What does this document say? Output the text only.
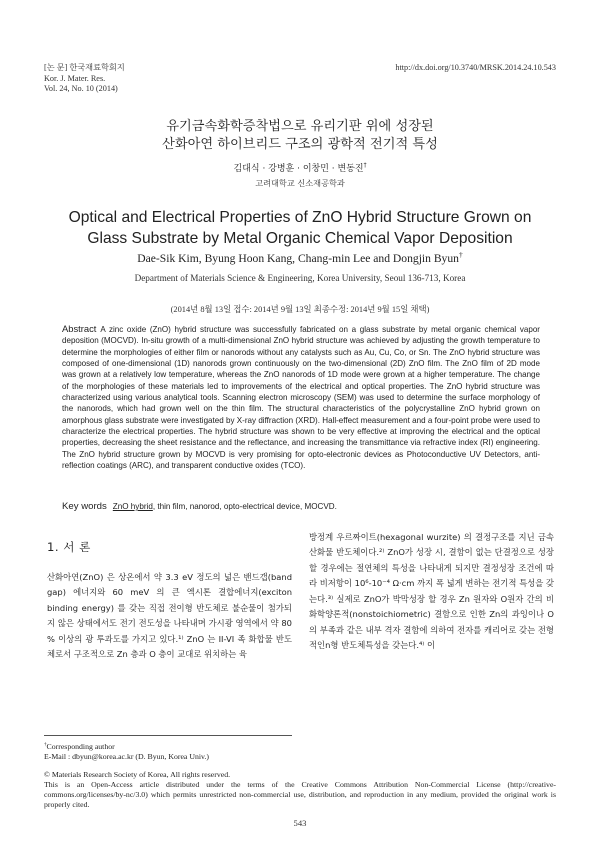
[논 문] 한국재료학회지
Kor. J. Mater. Res.
Vol. 24, No. 10 (2014)
http://dx.doi.org/10.3740/MRSK.2014.24.10.543
유기금속화학증착법으로 유리기판 위에 성장된
산화아연 하이브리드 구조의 광학적 전기적 특성
김대식 · 강병훈 · 이창민 · 변동진†
고려대학교 신소재공학과
Optical and Electrical Properties of ZnO Hybrid Structure Grown on
Glass Substrate by Metal Organic Chemical Vapor Deposition
Dae-Sik Kim, Byung Hoon Kang, Chang-min Lee and Dongjin Byun†
Department of Materials Science & Engineering, Korea University, Seoul 136-713, Korea
(2014년 8월 13일 접수: 2014년 9월 13일 최종수정: 2014년 9월 15일 채택)
Abstract A zinc oxide (ZnO) hybrid structure was successfully fabricated on a glass substrate by metal organic chemical vapor deposition (MOCVD). In-situ growth of a multi-dimensional ZnO hybrid structure was achieved by adjusting the growth temperature to determine the morphologies of either film or nanorods without any catalysts such as Au, Cu, Co, or Sn. The ZnO hybrid structure was composed of one-dimensional (1D) nanorods grown continuously on the two-dimensional (2D) ZnO film. The ZnO film of 2D mode was grown at a relatively low temperature, whereas the ZnO nanorods of 1D mode were grown at a higher temperature. The change of the morphologies of these materials led to improvements of the electrical and optical properties. The ZnO hybrid structure was characterized using various analytical tools. Scanning electron microscopy (SEM) was used to determine the surface morphology of the nanorods, which had grown well on the thin film. The structural characteristics of the polycrystalline ZnO hybrid grown on amorphous glass substrate were investigated by X-ray diffraction (XRD). Hall-effect measurement and a four-point probe were used to characterize the electrical properties. The hybrid structure was shown to be very effective at improving the electrical and the optical properties, decreasing the sheet resistance and the reflectance, and increasing the transmittance via refractive index (RI) engineering. The ZnO hybrid structure grown by MOCVD is very promising for opto-electronic devices as Photoconductive UV Detectors, anti-reflection coatings (ARC), and transparent conductive oxides (TCO).
Key words ZnO hybrid, thin film, nanorod, opto-electrical device, MOCVD.
1. 서 론
산화아연(ZnO) 은 상온에서 약 3.3 eV 정도의 넓은 밴드갭(band gap) 에너지와 60 meV 의 큰 엑시톤 결합에너지(exciton binding energy) 를 갖는 직접 전이형 반도체로 불순물이 첨가되지 않은 상태에서도 전기 전도성을 나타내며 가시광 영역에서 약 80 % 이상의 광 투과도를 가지고 있다.¹⁾ ZnO 는 II-VI 족 화합물 반도체로서 구조적으로 Zn 층과 O 층이 교대로 위치하는 육
방정계 우르짜이트(hexagonal wurzite) 의 결정구조를 지닌 금속 산화물 반도체이다.²⁾ ZnO가 성장 시, 결함이 없는 단결정으로 성장 할 경우에는 절연체의 특성을 나타내게 되지만 결정성장 조건에 따라 비저항이 10⁶-10⁻⁴ Ω·cm 까지 폭 넓게 변하는 전기적 특성을 갖는다.³⁾ 실제로 ZnO가 박막성장 할 경우 Zn 원자와 O원자 간의 비화학양론적(nonstoichiometric) 결함으로 인한 Zn의 과잉이나 O 의 부족과 같은 내부 격자 결함에 의하여 전자를 캐리어로 갖는 전형적인n형 반도체특성을 갖는다.⁴⁾ 이
†Corresponding author
E-Mail : dbyun@korea.ac.kr (D. Byun, Korea Univ.)
© Materials Research Society of Korea, All rights reserved.
This is an Open-Access article distributed under the terms of the Creative Commons Attribution Non-Commercial License (http://creative-commons.org/licenses/by-nc/3.0) which permits unrestricted non-commercial use, distribution, and reproduction in any medium, provided the original work is properly cited.
543
